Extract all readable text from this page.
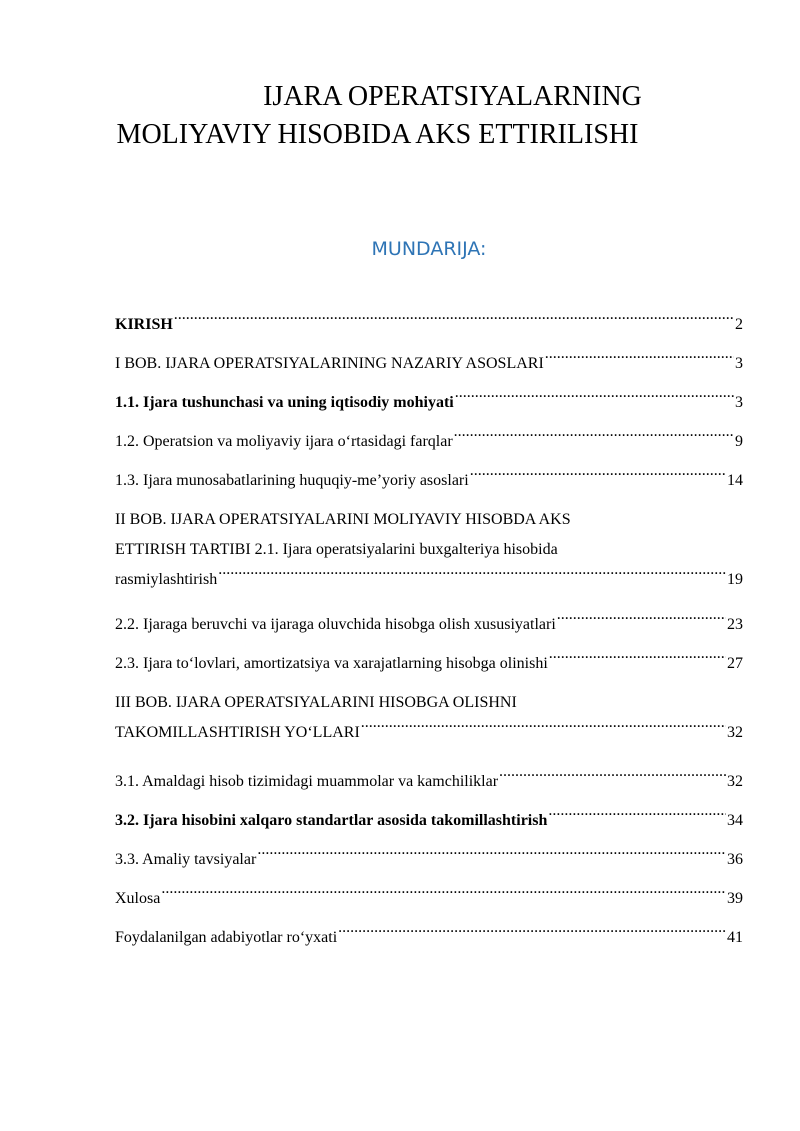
IJARA OPERATSIYALARNING
MOLIYAVIY HISOBIDA AKS ETTIRILISHI
MUNDARIJA:
KIRISH .....	2
I BOB. IJARA OPERATSIYALARINING NAZARIY ASOSLARI .....	3
1.1. Ijara tushunchasi va uning iqtisodiy mohiyati .....	3
1.2. Operatsion va moliyaviy ijara oʻrtasidagi farqlar .....	9
1.3. Ijara munosabatlarining huquqiy-meʼyoriy asoslari .....	14
II BOB. IJARA OPERATSIYALARINI MOLIYAVIY HISOBDA AKS
ETTIRISH TARTIBI 2.1. Ijara operatsiyalarini buxgalteriya hisobida
rasmiylashtirish .....	19
2.2. Ijaraga beruvchi va ijaraga oluvchida hisobga olish xususiyatlari .....	23
2.3. Ijara toʻlovlari, amortizatsiya va xarajatlarning hisobga olinishi .....	27
III BOB. IJARA OPERATSIYALARINI HISOBGA OLISHNI
TAKOMILLASHTIRISH YOʻLLARI .....	32
3.1. Amaldagi hisob tizimidagi muammolar va kamchiliklar .....	32
3.2. Ijara hisobini xalqaro standartlar asosida takomillashtirish .....	34
3.3. Amaliy tavsiyalar .....	36
Xulosa .....	39
Foydalanilgan adabiyotlar roʻyxati .....	41
